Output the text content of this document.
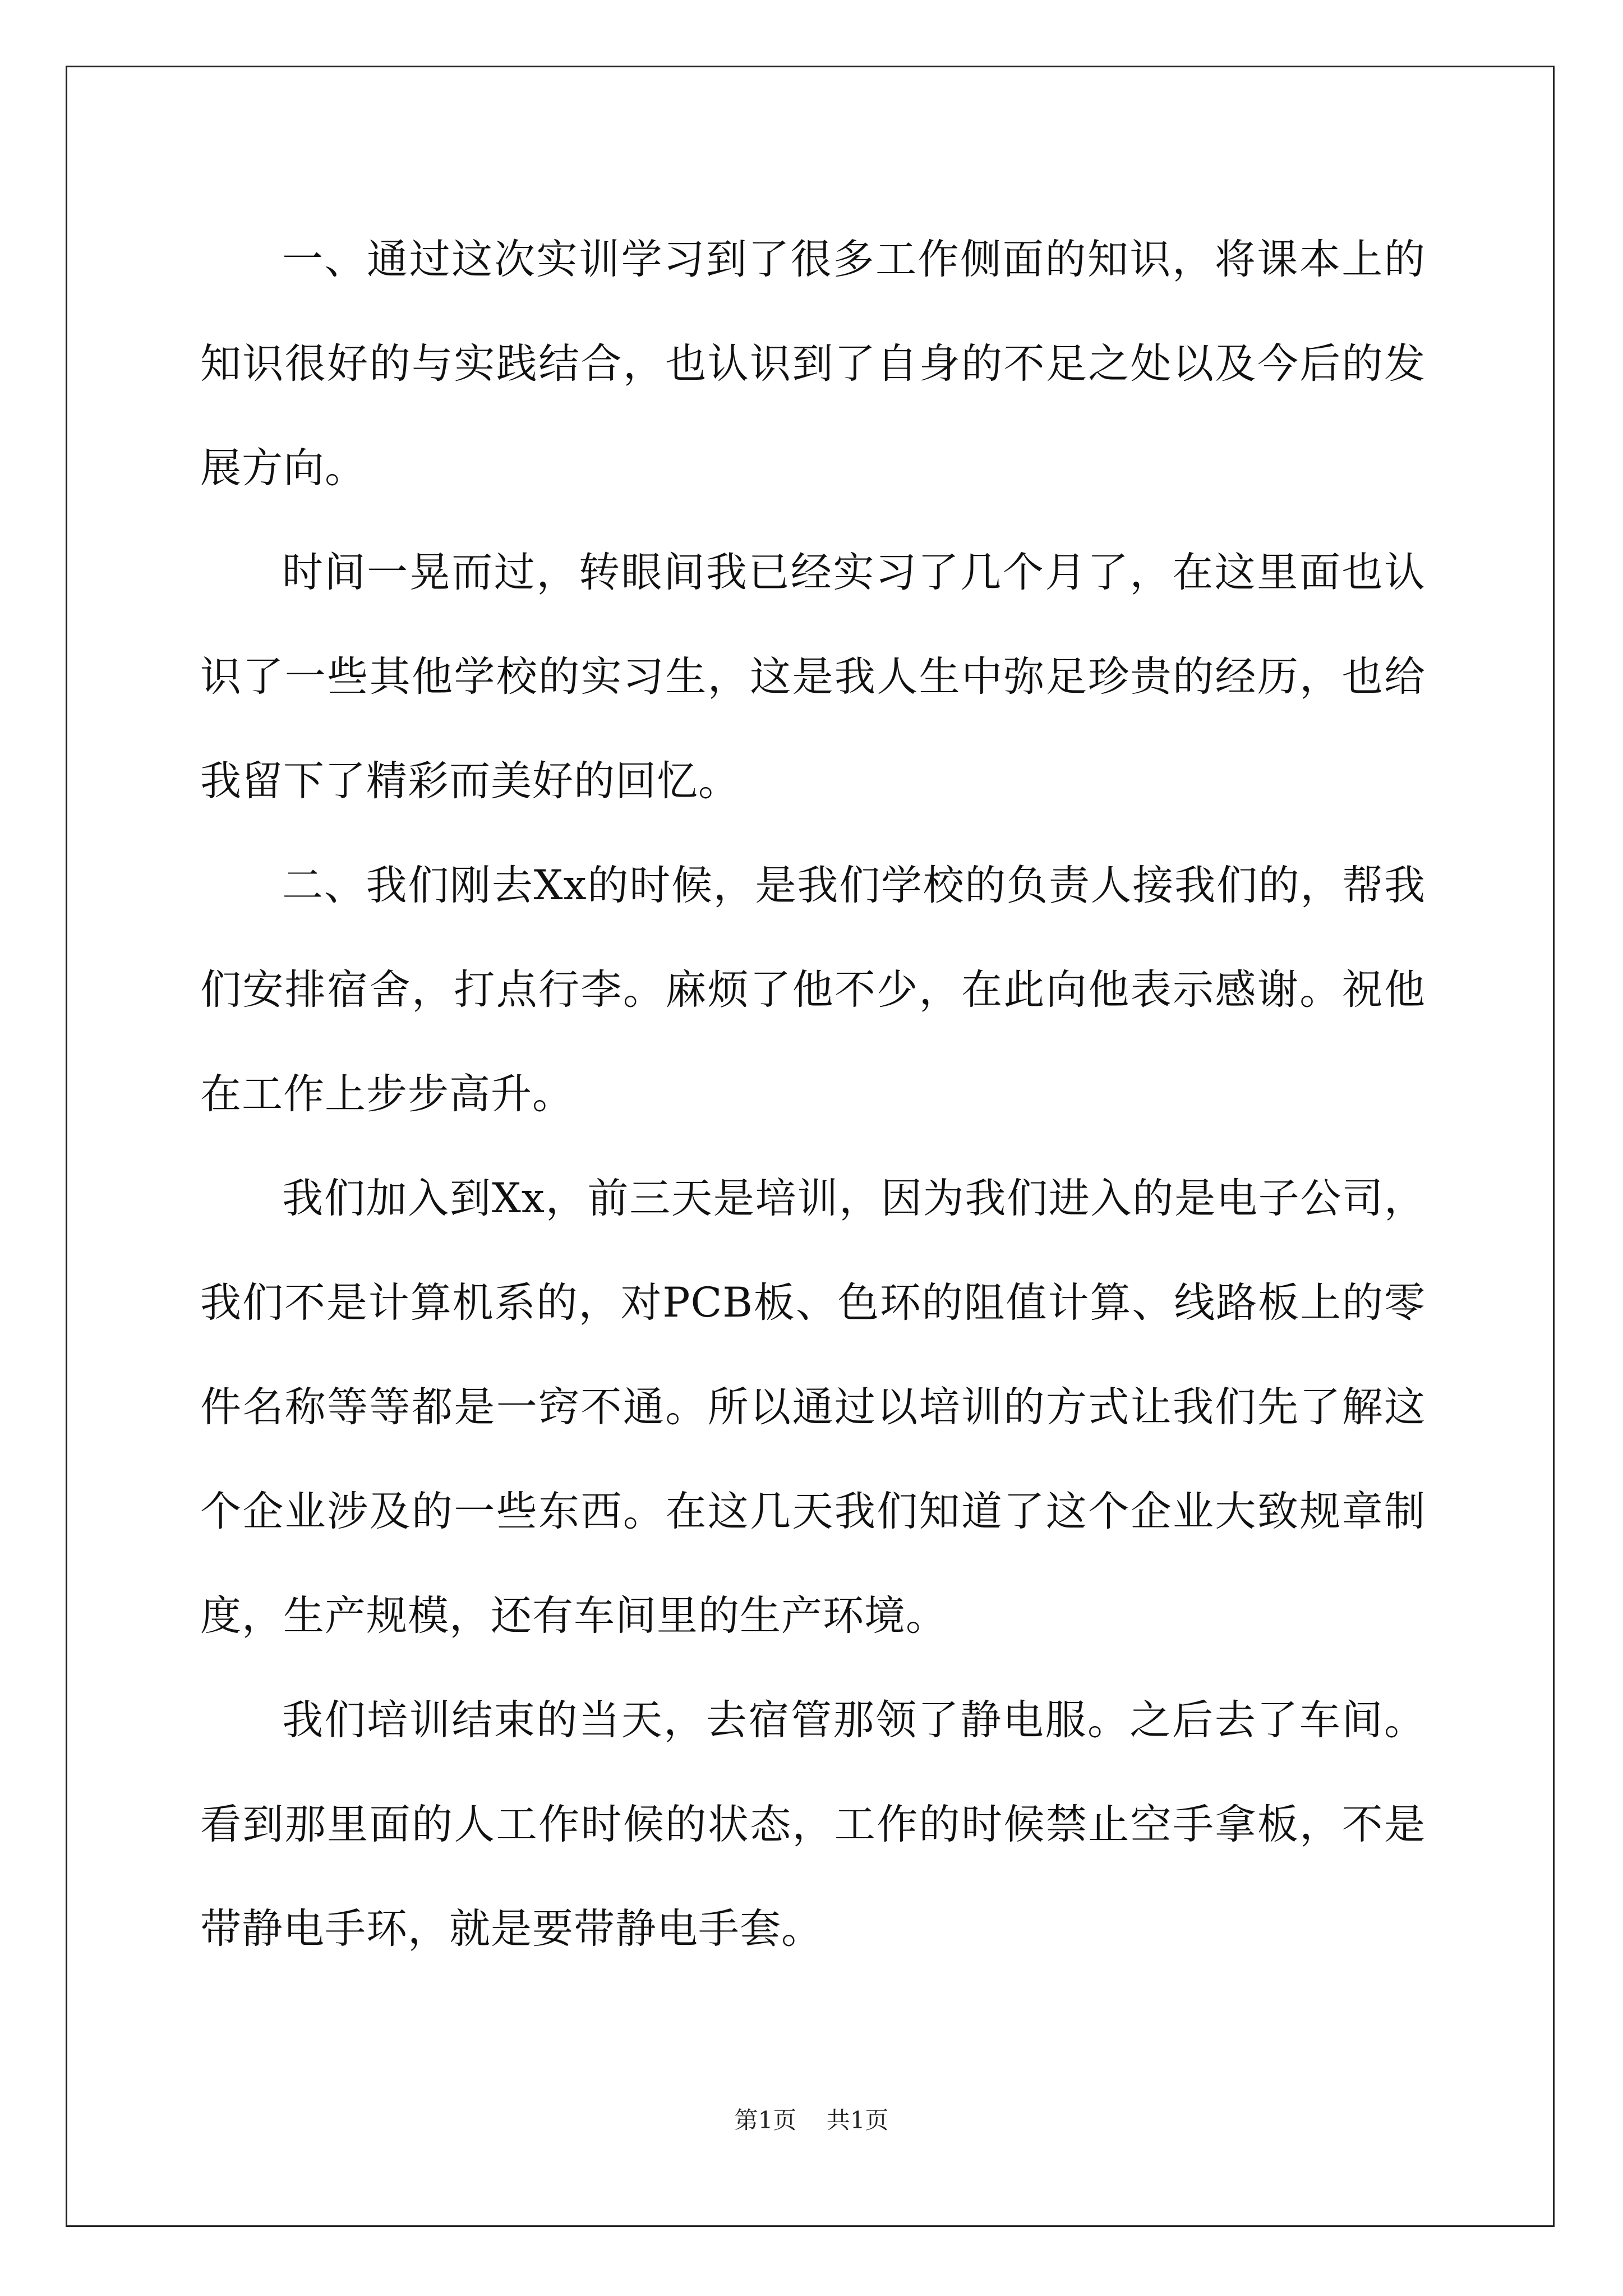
一、通过这次实训学习到了很多工作侧面的知识，将课本上的知识很好的与实践结合，也认识到了自身的不足之处以及今后的发展方向。

时间一晃而过，转眼间我已经实习了几个月了，在这里面也认识了一些其他学校的实习生，这是我人生中弥足珍贵的经历，也给我留下了精彩而美好的回忆。

二、我们刚去Xx的时候，是我们学校的负责人接我们的，帮我们安排宿舍，打点行李。麻烦了他不少，在此向他表示感谢。祝他在工作上步步高升。

我们加入到Xx，前三天是培训，因为我们进入的是电子公司，我们不是计算机系的，对PCB板、色环的阻值计算、线路板上的零件名称等等都是一窍不通。所以通过以培训的方式让我们先了解这个企业涉及的一些东西。在这几天我们知道了这个企业大致规章制度，生产规模，还有车间里的生产环境。

我们培训结束的当天，去宿管那领了静电服。之后去了车间。看到那里面的人工作时候的状态，工作的时候禁止空手拿板，不是带静电手环，就是要带静电手套。

第1页 共1页
